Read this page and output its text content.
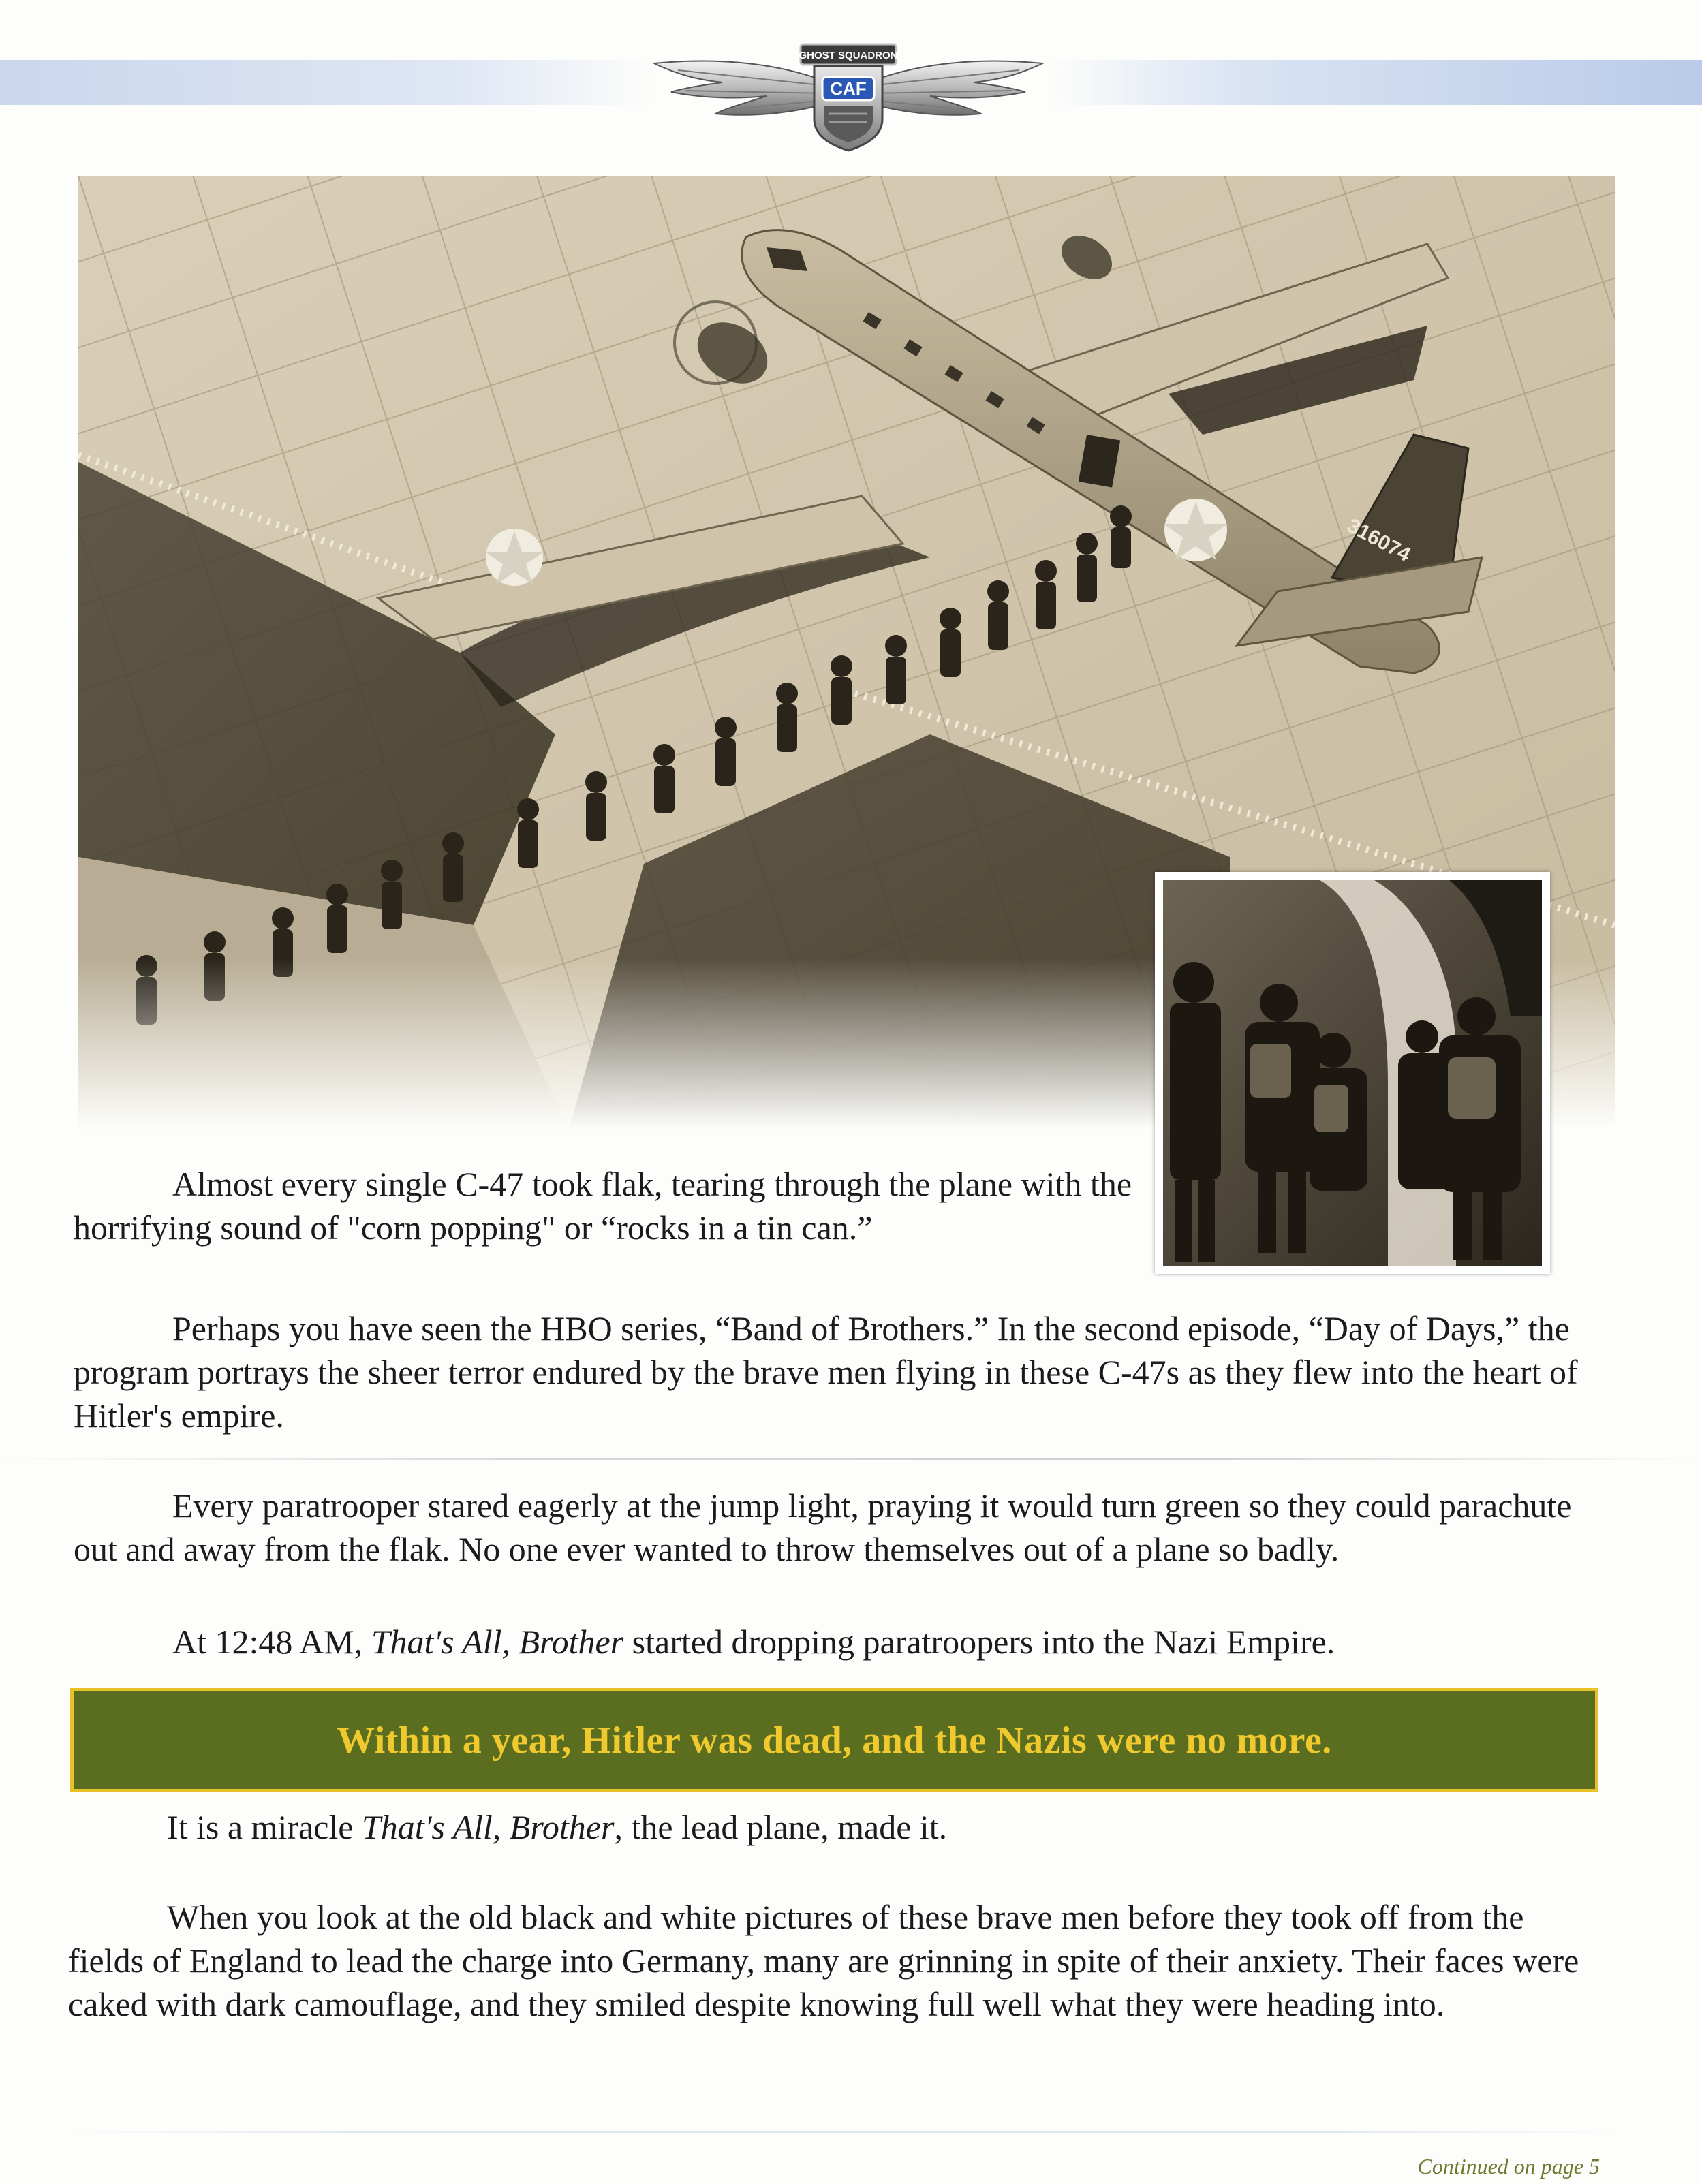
GHOST SQUADRON
CAF

Almost every single C-47 took flak, tearing through the plane with the horrifying sound of "corn popping" or “rocks in a tin can.”

Perhaps you have seen the HBO series, “Band of Brothers.” In the second episode, “Day of Days,” the program portrays the sheer terror endured by the brave men flying in these C-47s as they flew into the heart of Hitler's empire.

Every paratrooper stared eagerly at the jump light, praying it would turn green so they could parachute out and away from the flak. No one ever wanted to throw themselves out of a plane so badly.

At 12:48 AM, That's All, Brother started dropping paratroopers into the Nazi Empire.

Within a year, Hitler was dead, and the Nazis were no more.

It is a miracle That's All, Brother, the lead plane, made it.

When you look at the old black and white pictures of these brave men before they took off from the fields of England to lead the charge into Germany, many are grinning in spite of their anxiety. Their faces were caked with dark camouflage, and they smiled despite knowing full well what they were heading into.

Continued on page 5
